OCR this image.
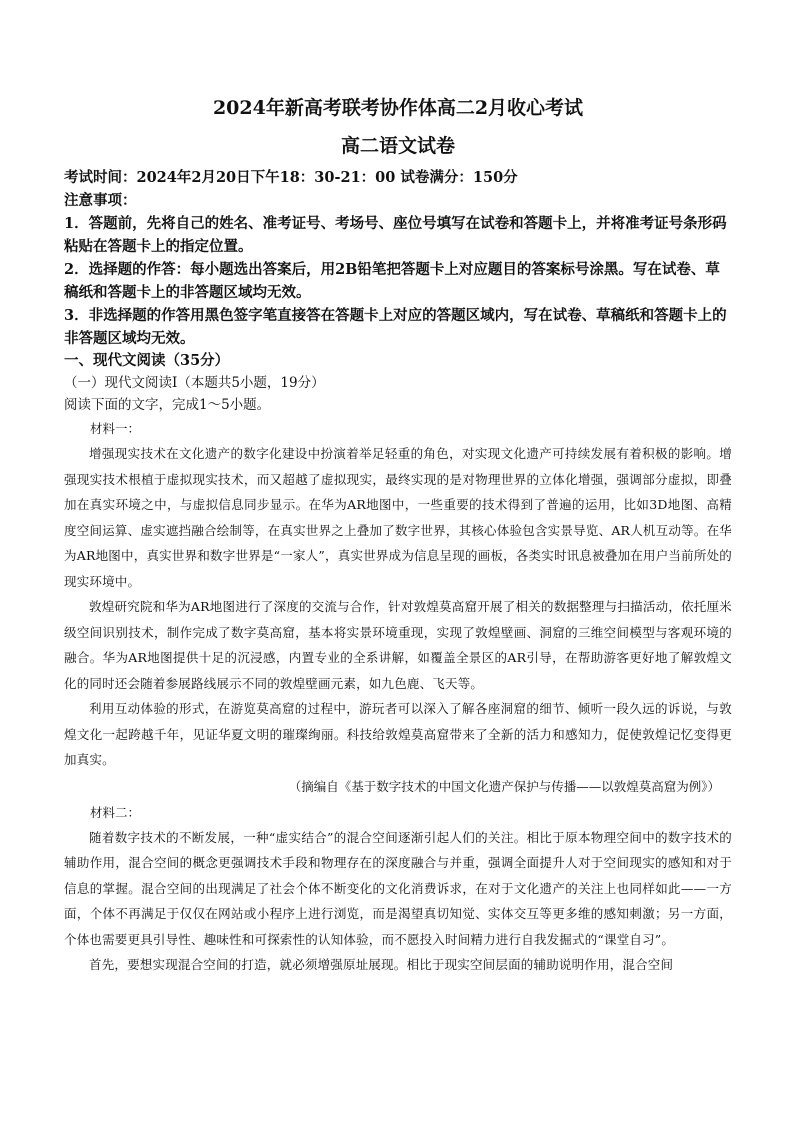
2024年新高考联考协作体高二2月收心考试

高二语文试卷

考试时间：2024年2月20日下午18：30-21：00 试卷满分：150分

注意事项：

1．答题前，先将自己的姓名、准考证号、考场号、座位号填写在试卷和答题卡上，并将准考证号条形码粘贴在答题卡上的指定位置。

2．选择题的作答：每小题选出答案后，用2B铅笔把答题卡上对应题目的答案标号涂黑。写在试卷、草稿纸和答题卡上的非答题区域均无效。

3．非选择题的作答用黑色签字笔直接答在答题卡上对应的答题区域内，写在试卷、草稿纸和答题卡上的非答题区域均无效。

一、现代文阅读（35分）

（一）现代文阅读Ⅰ（本题共5小题，19分）

阅读下面的文字，完成1～5小题。

材料一：

增强现实技术在文化遗产的数字化建设中扮演着举足轻重的角色，对实现文化遗产可持续发展有着积极的影响。增强现实技术根植于虚拟现实技术，而又超越了虚拟现实，最终实现的是对物理世界的立体化增强，强调部分虚拟，即叠加在真实环境之中，与虚拟信息同步显示。在华为AR地图中，一些重要的技术得到了普遍的运用，比如3D地图、高精度空间运算、虚实遮挡融合绘制等，在真实世界之上叠加了数字世界，其核心体验包含实景导览、AR人机互动等。在华为AR地图中，真实世界和数字世界是“一家人”，真实世界成为信息呈现的画板，各类实时讯息被叠加在用户当前所处的现实环境中。

敦煌研究院和华为AR地图进行了深度的交流与合作，针对敦煌莫高窟开展了相关的数据整理与扫描活动，依托厘米级空间识别技术，制作完成了数字莫高窟，基本将实景环境重现，实现了敦煌壁画、洞窟的三维空间模型与客观环境的融合。华为AR地图提供十足的沉浸感，内置专业的全系讲解，如覆盖全景区的AR引导，在帮助游客更好地了解敦煌文化的同时还会随着参展路线展示不同的敦煌壁画元素，如九色鹿、飞天等。

利用互动体验的形式，在游览莫高窟的过程中，游玩者可以深入了解各座洞窟的细节、倾听一段久远的诉说，与敦煌文化一起跨越千年，见证华夏文明的璀璨绚丽。科技给敦煌莫高窟带来了全新的活力和感知力，促使敦煌记忆变得更加真实。

（摘编自《基于数字技术的中国文化遗产保护与传播——以敦煌莫高窟为例》）

材料二：

随着数字技术的不断发展，一种“虚实结合”的混合空间逐渐引起人们的关注。相比于原本物理空间中的数字技术的辅助作用，混合空间的概念更强调技术手段和物理存在的深度融合与并重，强调全面提升人对于空间现实的感知和对于信息的掌握。混合空间的出现满足了社会个体不断变化的文化消费诉求，在对于文化遗产的关注上也同样如此——一方面，个体不再满足于仅仅在网站或小程序上进行浏览，而是渴望真切知觉、实体交互等更多维的感知刺激；另一方面，个体也需要更具引导性、趣味性和可探索性的认知体验，而不愿投入时间精力进行自我发掘式的“课堂自习”。

首先，要想实现混合空间的打造，就必须增强原址展现。相比于现实空间层面的辅助说明作用，混合空间
